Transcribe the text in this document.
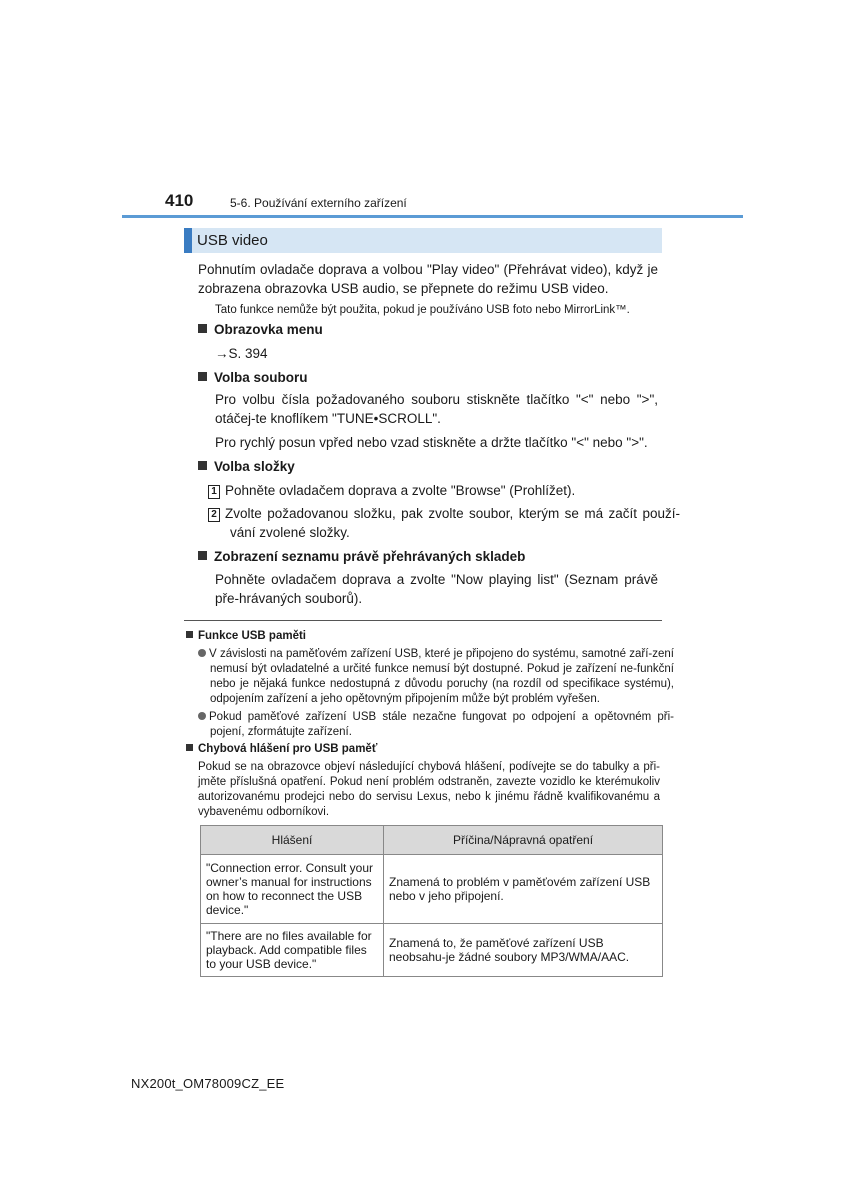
410	5-6. Používání externího zařízení
USB video
Pohnutím ovladače doprava a volbou "Play video" (Přehrávat video), když je zobrazena obrazovka USB audio, se přepnete do režimu USB video.
Tato funkce nemůže být použita, pokud je používáno USB foto nebo MirrorLink™.
Obrazovka menu
→S. 394
Volba souboru
Pro volbu čísla požadovaného souboru stiskněte tlačítko "<" nebo ">", otáčej-te knoflíkem "TUNE•SCROLL".
Pro rychlý posun vpřed nebo vzad stiskněte a držte tlačítko "<" nebo ">".
Volba složky
1 Pohněte ovladačem doprava a zvolte "Browse" (Prohlížet).
2 Zvolte požadovanou složku, pak zvolte soubor, kterým se má začít použí-vání zvolené složky.
Zobrazení seznamu právě přehrávaných skladeb
Pohněte ovladačem doprava a zvolte "Now playing list" (Seznam právě pře-hrávaných souborů).
Funkce USB paměti
V závislosti na paměťovém zařízení USB, které je připojeno do systému, samotné zaří-zení nemusí být ovladatelné a určité funkce nemusí být dostupné. Pokud je zařízení ne-funkční nebo je nějaká funkce nedostupná z důvodu poruchy (na rozdíl od specifikace systému), odpojením zařízení a jeho opětovným připojením může být problém vyřešen.
Pokud paměťové zařízení USB stále nezačne fungovat po odpojení a opětovném při-pojení, zformátujte zařízení.
Chybová hlášení pro USB paměť
Pokud se na obrazovce objeví následující chybová hlášení, podívejte se do tabulky a při-jměte příslušná opatření. Pokud není problém odstraněn, zavezte vozidlo ke kterémukoliv autorizovanému prodejci nebo do servisu Lexus, nebo k jinému řádně kvalifikovanému a vybavenému odborníkovi.
Hlášení	Příčina/Nápravná opatření
"Connection error. Consult your owner’s manual for instructions on how to reconnect the USB device."	Znamená to problém v paměťovém zařízení USB nebo v jeho připojení.
"There are no files available for playback. Add compatible files to your USB device."	Znamená to, že paměťové zařízení USB neobsahu-je žádné soubory MP3/WMA/AAC.
NX200t_OM78009CZ_EE
